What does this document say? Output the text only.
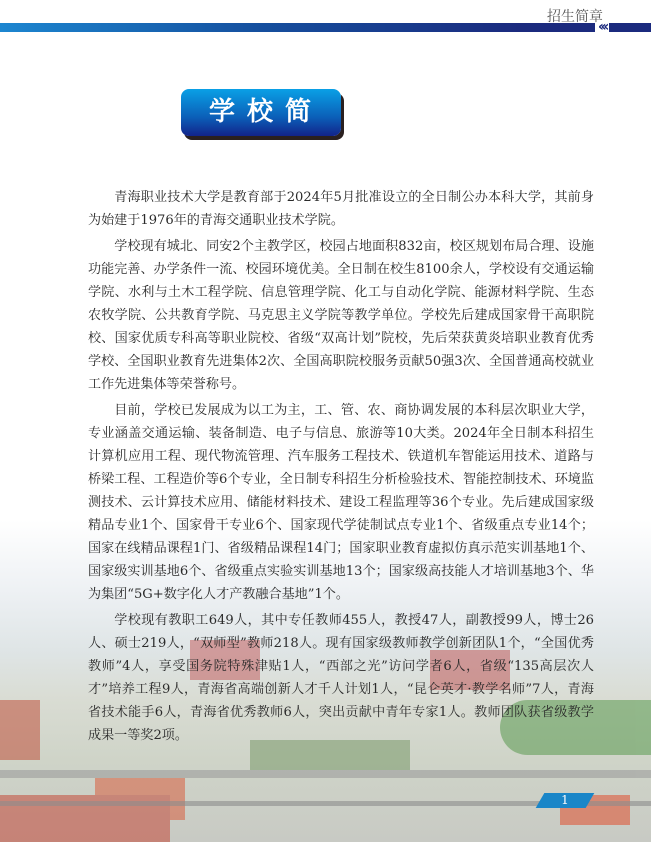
‹‹‹
招生简章
学校简介

青海职业技术大学是教育部于2024年5月批准设立的全日制公办本科大学，其前身为始建于1976年的青海交通职业技术学院。

学校现有城北、同安2个主教学区，校园占地面积832亩，校区规划布局合理、设施功能完善、办学条件一流、校园环境优美。全日制在校生8100余人，学校设有交通运输学院、水利与土木工程学院、信息管理学院、化工与自动化学院、能源材料学院、生态农牧学院、公共教育学院、马克思主义学院等教学单位。学校先后建成国家骨干高职院校、国家优质专科高等职业院校、省级“双高计划”院校，先后荣获黄炎培职业教育优秀学校、全国职业教育先进集体2次、全国高职院校服务贡献50强3次、全国普通高校就业工作先进集体等荣誉称号。

目前，学校已发展成为以工为主，工、管、农、商协调发展的本科层次职业大学，专业涵盖交通运输、装备制造、电子与信息、旅游等10大类。2024年全日制本科招生计算机应用工程、现代物流管理、汽车服务工程技术、铁道机车智能运用技术、道路与桥梁工程、工程造价等6个专业，全日制专科招生分析检验技术、智能控制技术、环境监测技术、云计算技术应用、储能材料技术、建设工程监理等36个专业。先后建成国家级精品专业1个、国家骨干专业6个、国家现代学徒制试点专业1个、省级重点专业14个；国家在线精品课程1门、省级精品课程14门；国家职业教育虚拟仿真示范实训基地1个、国家级实训基地6个、省级重点实验实训基地13个；国家级高技能人才培训基地3个、华为集团“5G+数字化人才产教融合基地”1个。

学校现有教职工649人，其中专任教师455人，教授47人，副教授99人，博士26人、硕士219人，“双师型”教师218人。现有国家级教师教学创新团队1个，“全国优秀教师”4人，享受国务院特殊津贴1人，“西部之光”访问学者6人，省级“135高层次人才”培养工程9人，青海省高端创新人才千人计划1人，“昆仑英才·教学名师”7人，青海省技术能手6人，青海省优秀教师6人，突出贡献中青年专家1人。教师团队获省级教学成果一等奖2项。

1
